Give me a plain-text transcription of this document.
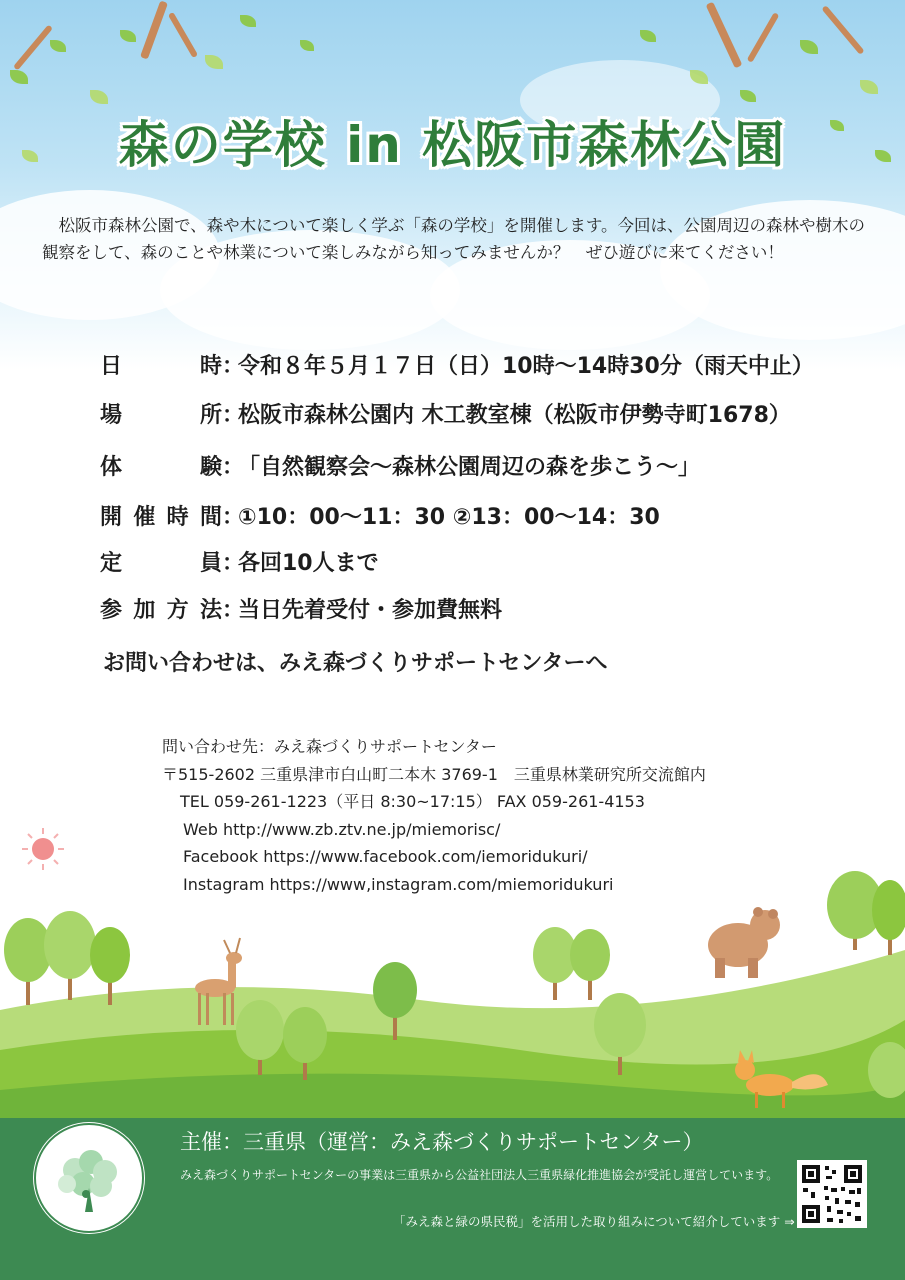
森の学校 in 松阪市森林公園
松阪市森林公園で、森や木について楽しく学ぶ「森の学校」を開催します。今回は、公園周辺の森林や樹木の観察をして、森のことや林業について楽しみながら知ってみませんか？　ぜひ遊びに来てください！
日 時：令和８年５月１７日（日）10時～14時30分（雨天中止）
場 所：松阪市森林公園内 木工教室棟（松阪市伊勢寺町1678）
体 験：「自然観察会～森林公園周辺の森を歩こう～」
開催時間：①10：00～11：30 ②13：00～14：30
定 員：各回10人まで
参加方法：当日先着受付・参加費無料
お問い合わせは、みえ森づくりサポートセンターへ
問い合わせ先：みえ森づくりサポートセンター
〒515-2602 三重県津市白山町二本木 3769-1　三重県林業研究所交流館内
TEL 059-261-1223（平日 8:30~17:15） FAX 059-261-4153
Web http://www.zb.ztv.ne.jp/miemorisc/
Facebook https://www.facebook.com/iemoridukuri/
Instagram https://www,instagram.com/miemoridukuri
主催：三重県（運営：みえ森づくりサポートセンター）
みえ森づくりサポートセンターの事業は三重県から公益社団法人三重県緑化推進協会が受託し運営しています。
「みえ森と緑の県民税」を活用した取り組みについて紹介しています ⇒
